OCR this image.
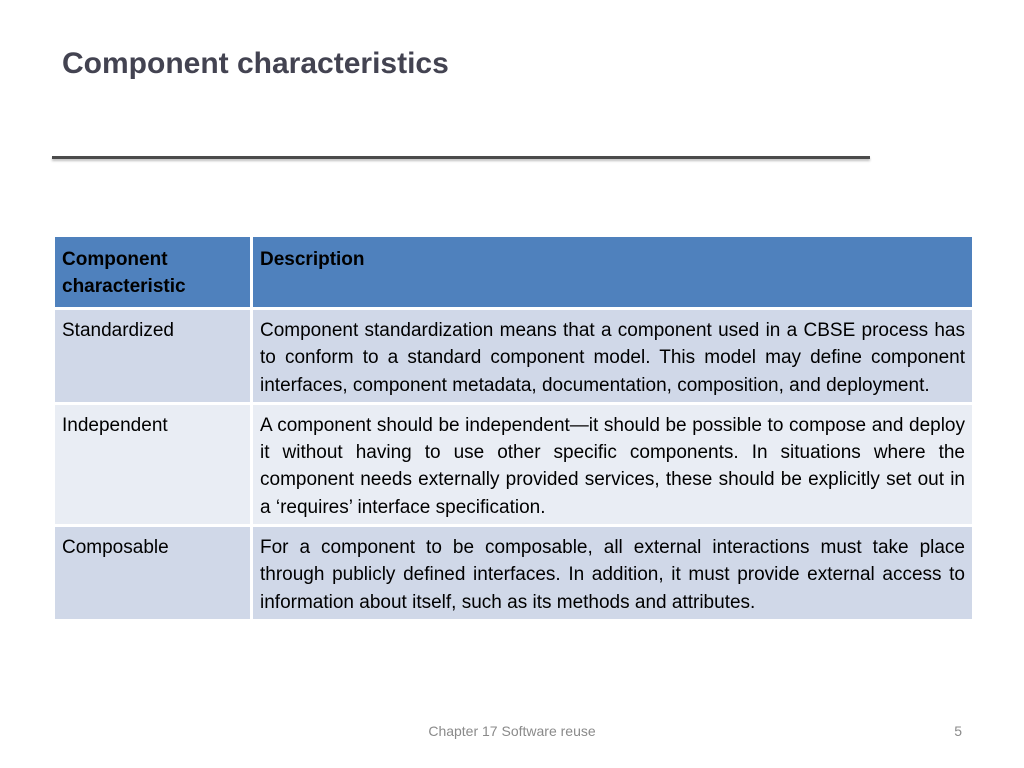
Component characteristics
Component characteristic	Description
Standardized	Component standardization means that a component used in a CBSE process has to conform to a standard component model. This model may define component interfaces, component metadata, documentation, composition, and deployment.
Independent	A component should be independent—it should be possible to compose and deploy it without having to use other specific components. In situations where the component needs externally provided services, these should be explicitly set out in a ‘requires’ interface specification.
Composable	For a component to be composable, all external interactions must take place through publicly defined interfaces. In addition, it must provide external access to information about itself, such as its methods and attributes.
Chapter 17 Software reuse	5
